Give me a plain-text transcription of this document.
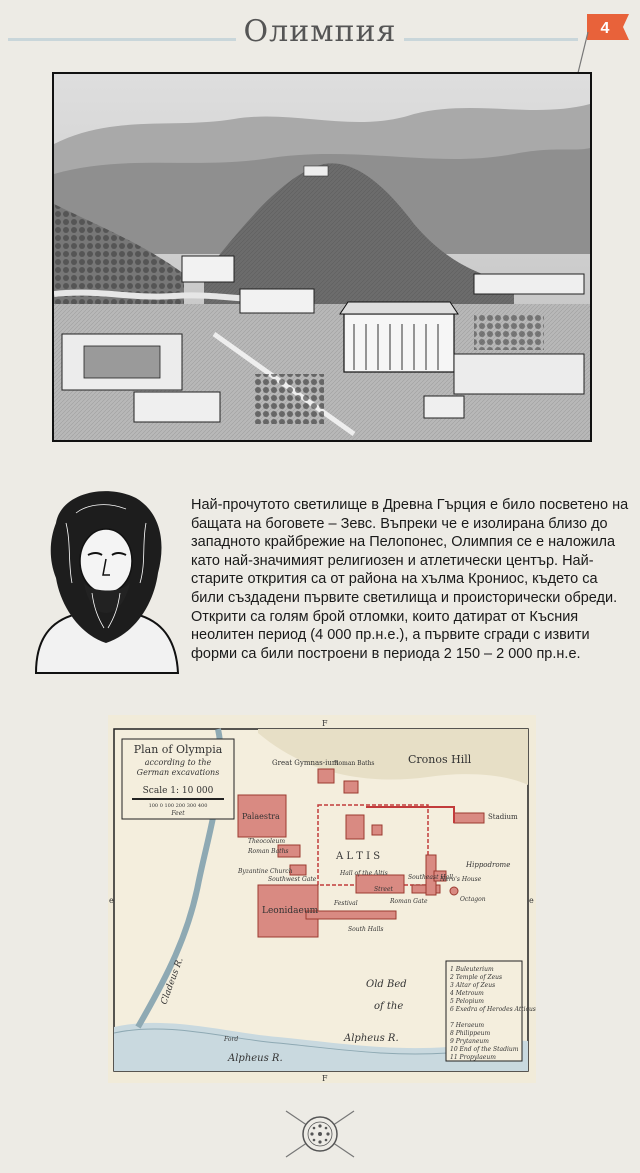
Олимпия	4
Най-прочутото светилище в Древна Гърция е било посветено на бащата на боговете – Зевс. Въпреки че е изолирана близо до западното крайбрежие на Пелопонес, Олимпия се е наложила като най-значимият религиозен и атлетически център. Най-старите открития са от района на хълма Крониос, където са били създадени първите светилища и происторически обреди. Открити са голям брой отломки, които датират от Късния неолитен период (4 000 пр.н.е.), а първите сгради с извити форми са били построени в периода 2 150 – 2 000 пр.н.е.
Plan of Olympia
according to the
German excavations
Scale 1: 10 000
100 0 100 200 300 400
Feet
F
F
e	e
Cronos Hill
Great Gymnas-ium
Roman Baths
Stadium
Palaestra
Theocoleum
Roman Baths
Byzantine Church
A L T I S
Hippodrome
Nero's House
Octagon
Southwest Gate
Leonidaeum
South Halls
Roman Gate
Southeast Hall
Hall of the Altis
Street
Festival
Cladeus R.	Old Bed
of the
Alpheus R.
Alpheus R.
Ford
1 Buleuterium
2 Temple of Zeus
3 Altar of Zeus
4 Metroum
5 Pelopium
6 Exedra of Herodes Atticus
7 Heraeum
8 Philippeum
9 Prytaneum
10 End of the Stadium
11 Propylaeum
